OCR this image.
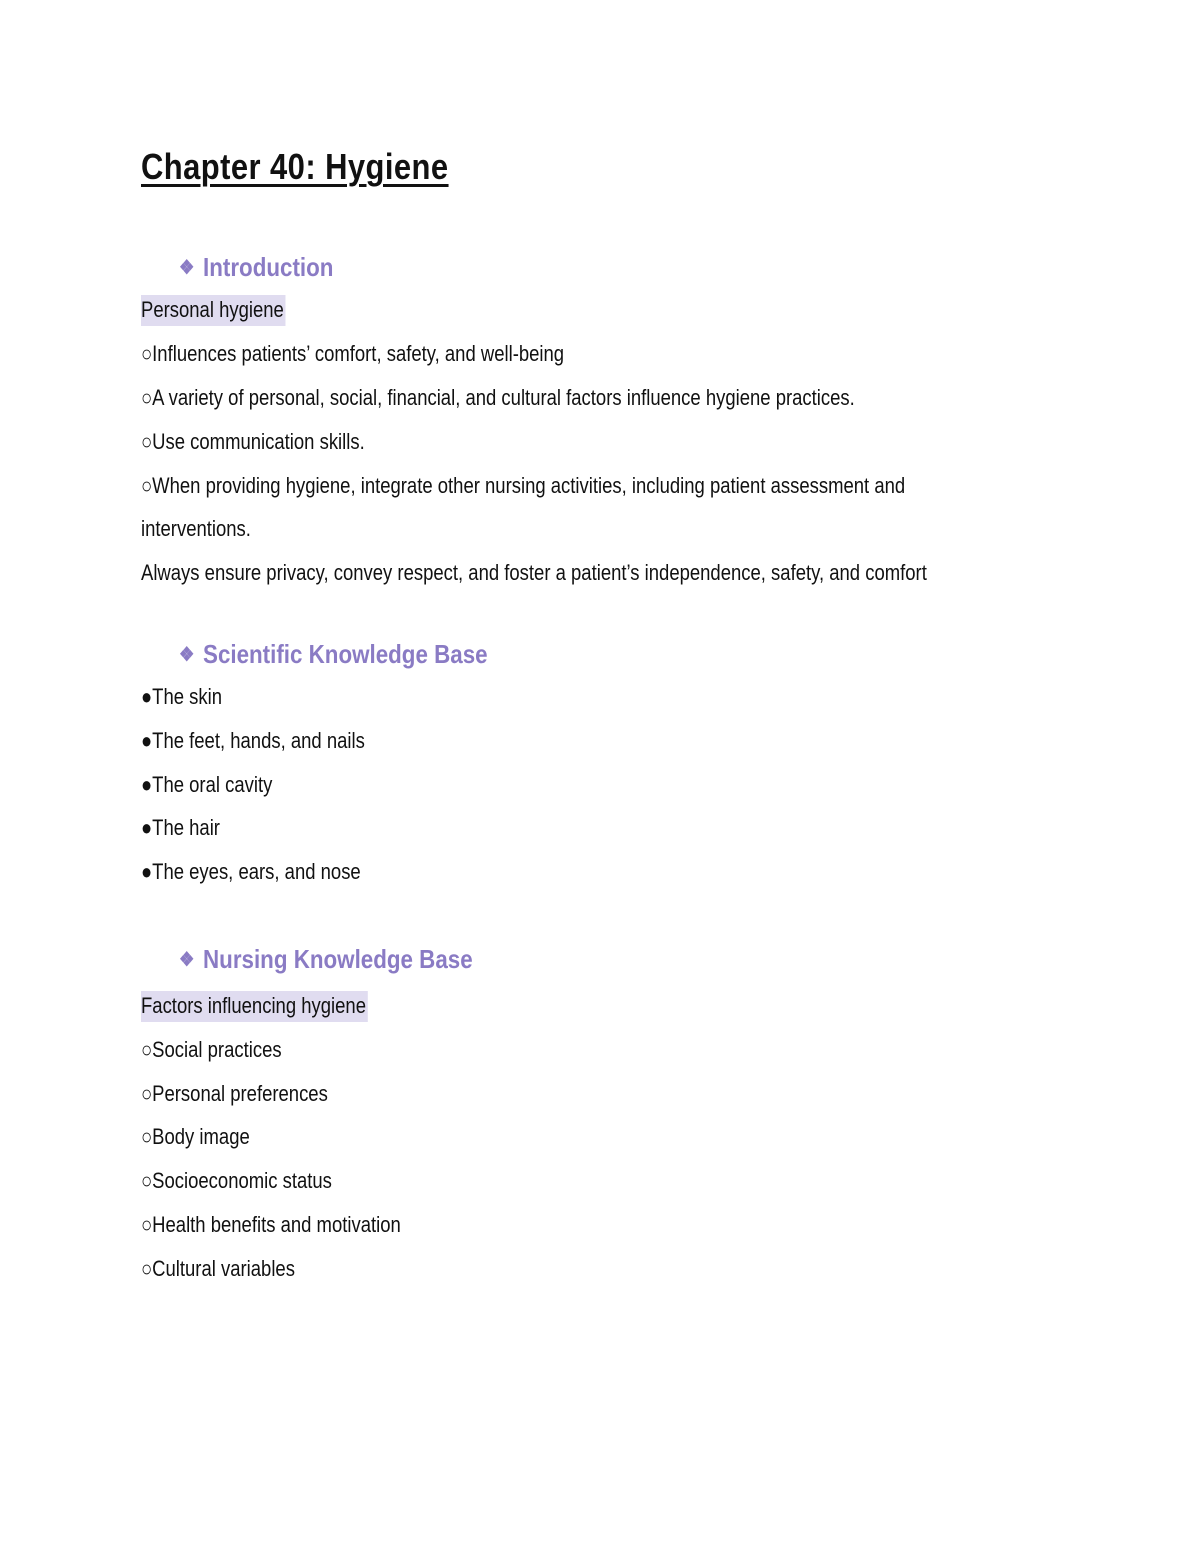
Chapter 40: Hygiene
❖ Introduction
Personal hygiene
○Influences patients’ comfort, safety, and well-being
○A variety of personal, social, financial, and cultural factors influence hygiene practices.
○Use communication skills.
○When providing hygiene, integrate other nursing activities, including patient assessment and
interventions.
Always ensure privacy, convey respect, and foster a patient’s independence, safety, and comfort
❖ Scientific Knowledge Base
●The skin
●The feet, hands, and nails
●The oral cavity
●The hair
●The eyes, ears, and nose
❖ Nursing Knowledge Base
Factors influencing hygiene
○Social practices
○Personal preferences
○Body image
○Socioeconomic status
○Health benefits and motivation
○Cultural variables
